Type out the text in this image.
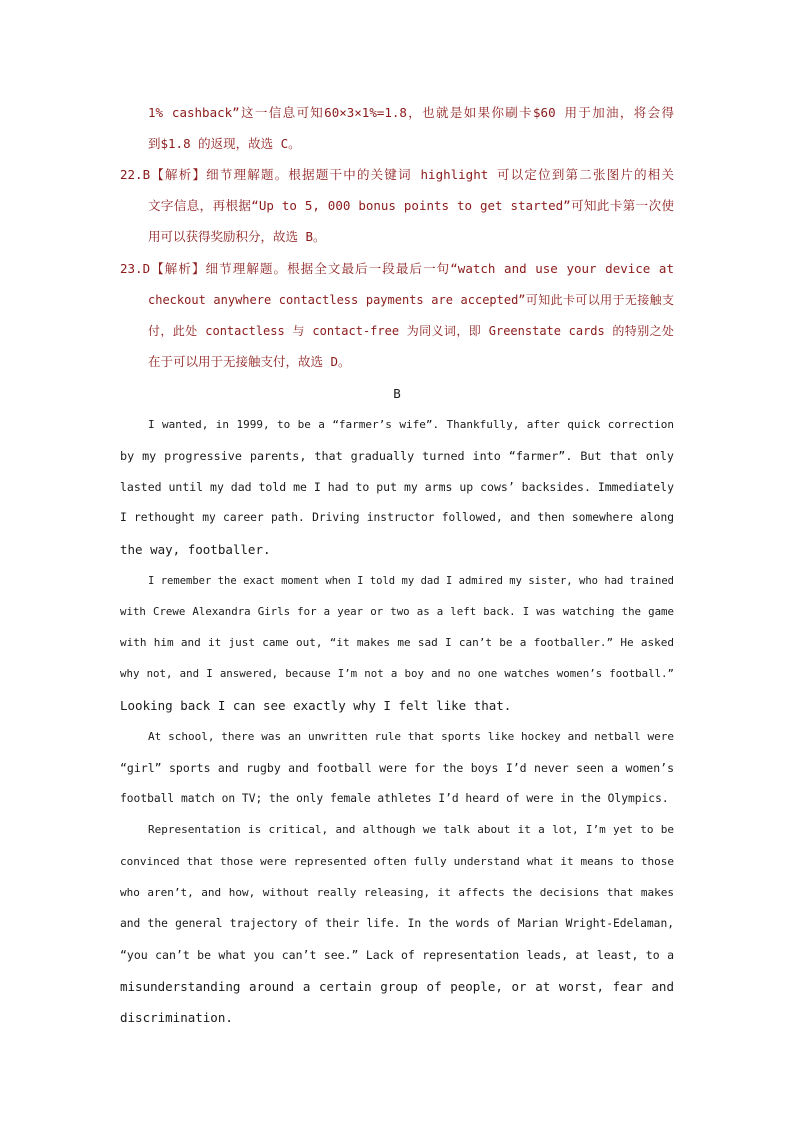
1% cashback”这一信息可知60×3×1%=1.8，也就是如果你刷卡$60 用于加油，将会得
到$1.8 的返现，故选 C。
22.B【解析】细节理解题。根据题干中的关键词 highlight 可以定位到第二张图片的相关
文字信息，再根据“Up to 5, 000 bonus points to get started”可知此卡第一次使
用可以获得奖励积分，故选 B。
23.D【解析】细节理解题。根据全文最后一段最后一句“watch and use your device at
checkout anywhere contactless payments are accepted”可知此卡可以用于无接触支
付，此处 contactless 与 contact-free 为同义词，即 Greenstate cards 的特别之处
在于可以用于无接触支付，故选 D。
B
I wanted, in 1999, to be a “farmer’s wife”. Thankfully, after quick correction
by my progressive parents, that gradually turned into “farmer”. But that only
lasted until my dad told me I had to put my arms up cows’ backsides. Immediately
I rethought my career path. Driving instructor followed, and then somewhere along
the way, footballer.
I remember the exact moment when I told my dad I admired my sister, who had trained
with Crewe Alexandra Girls for a year or two as a left back. I was watching the game
with him and it just came out, “it makes me sad I can’t be a footballer.” He asked
why not, and I answered, because I’m not a boy and no one watches women’s football.”
Looking back I can see exactly why I felt like that.
At school, there was an unwritten rule that sports like hockey and netball were
“girl” sports and rugby and football were for the boys I’d never seen a women’s
football match on TV; the only female athletes I’d heard of were in the Olympics.
Representation is critical, and although we talk about it a lot, I’m yet to be
convinced that those were represented often fully understand what it means to those
who aren’t, and how, without really releasing, it affects the decisions that makes
and the general trajectory of their life. In the words of Marian Wright-Edelaman,
“you can’t be what you can’t see.” Lack of representation leads, at least, to a
misunderstanding around a certain group of people, or at worst, fear and
discrimination.
